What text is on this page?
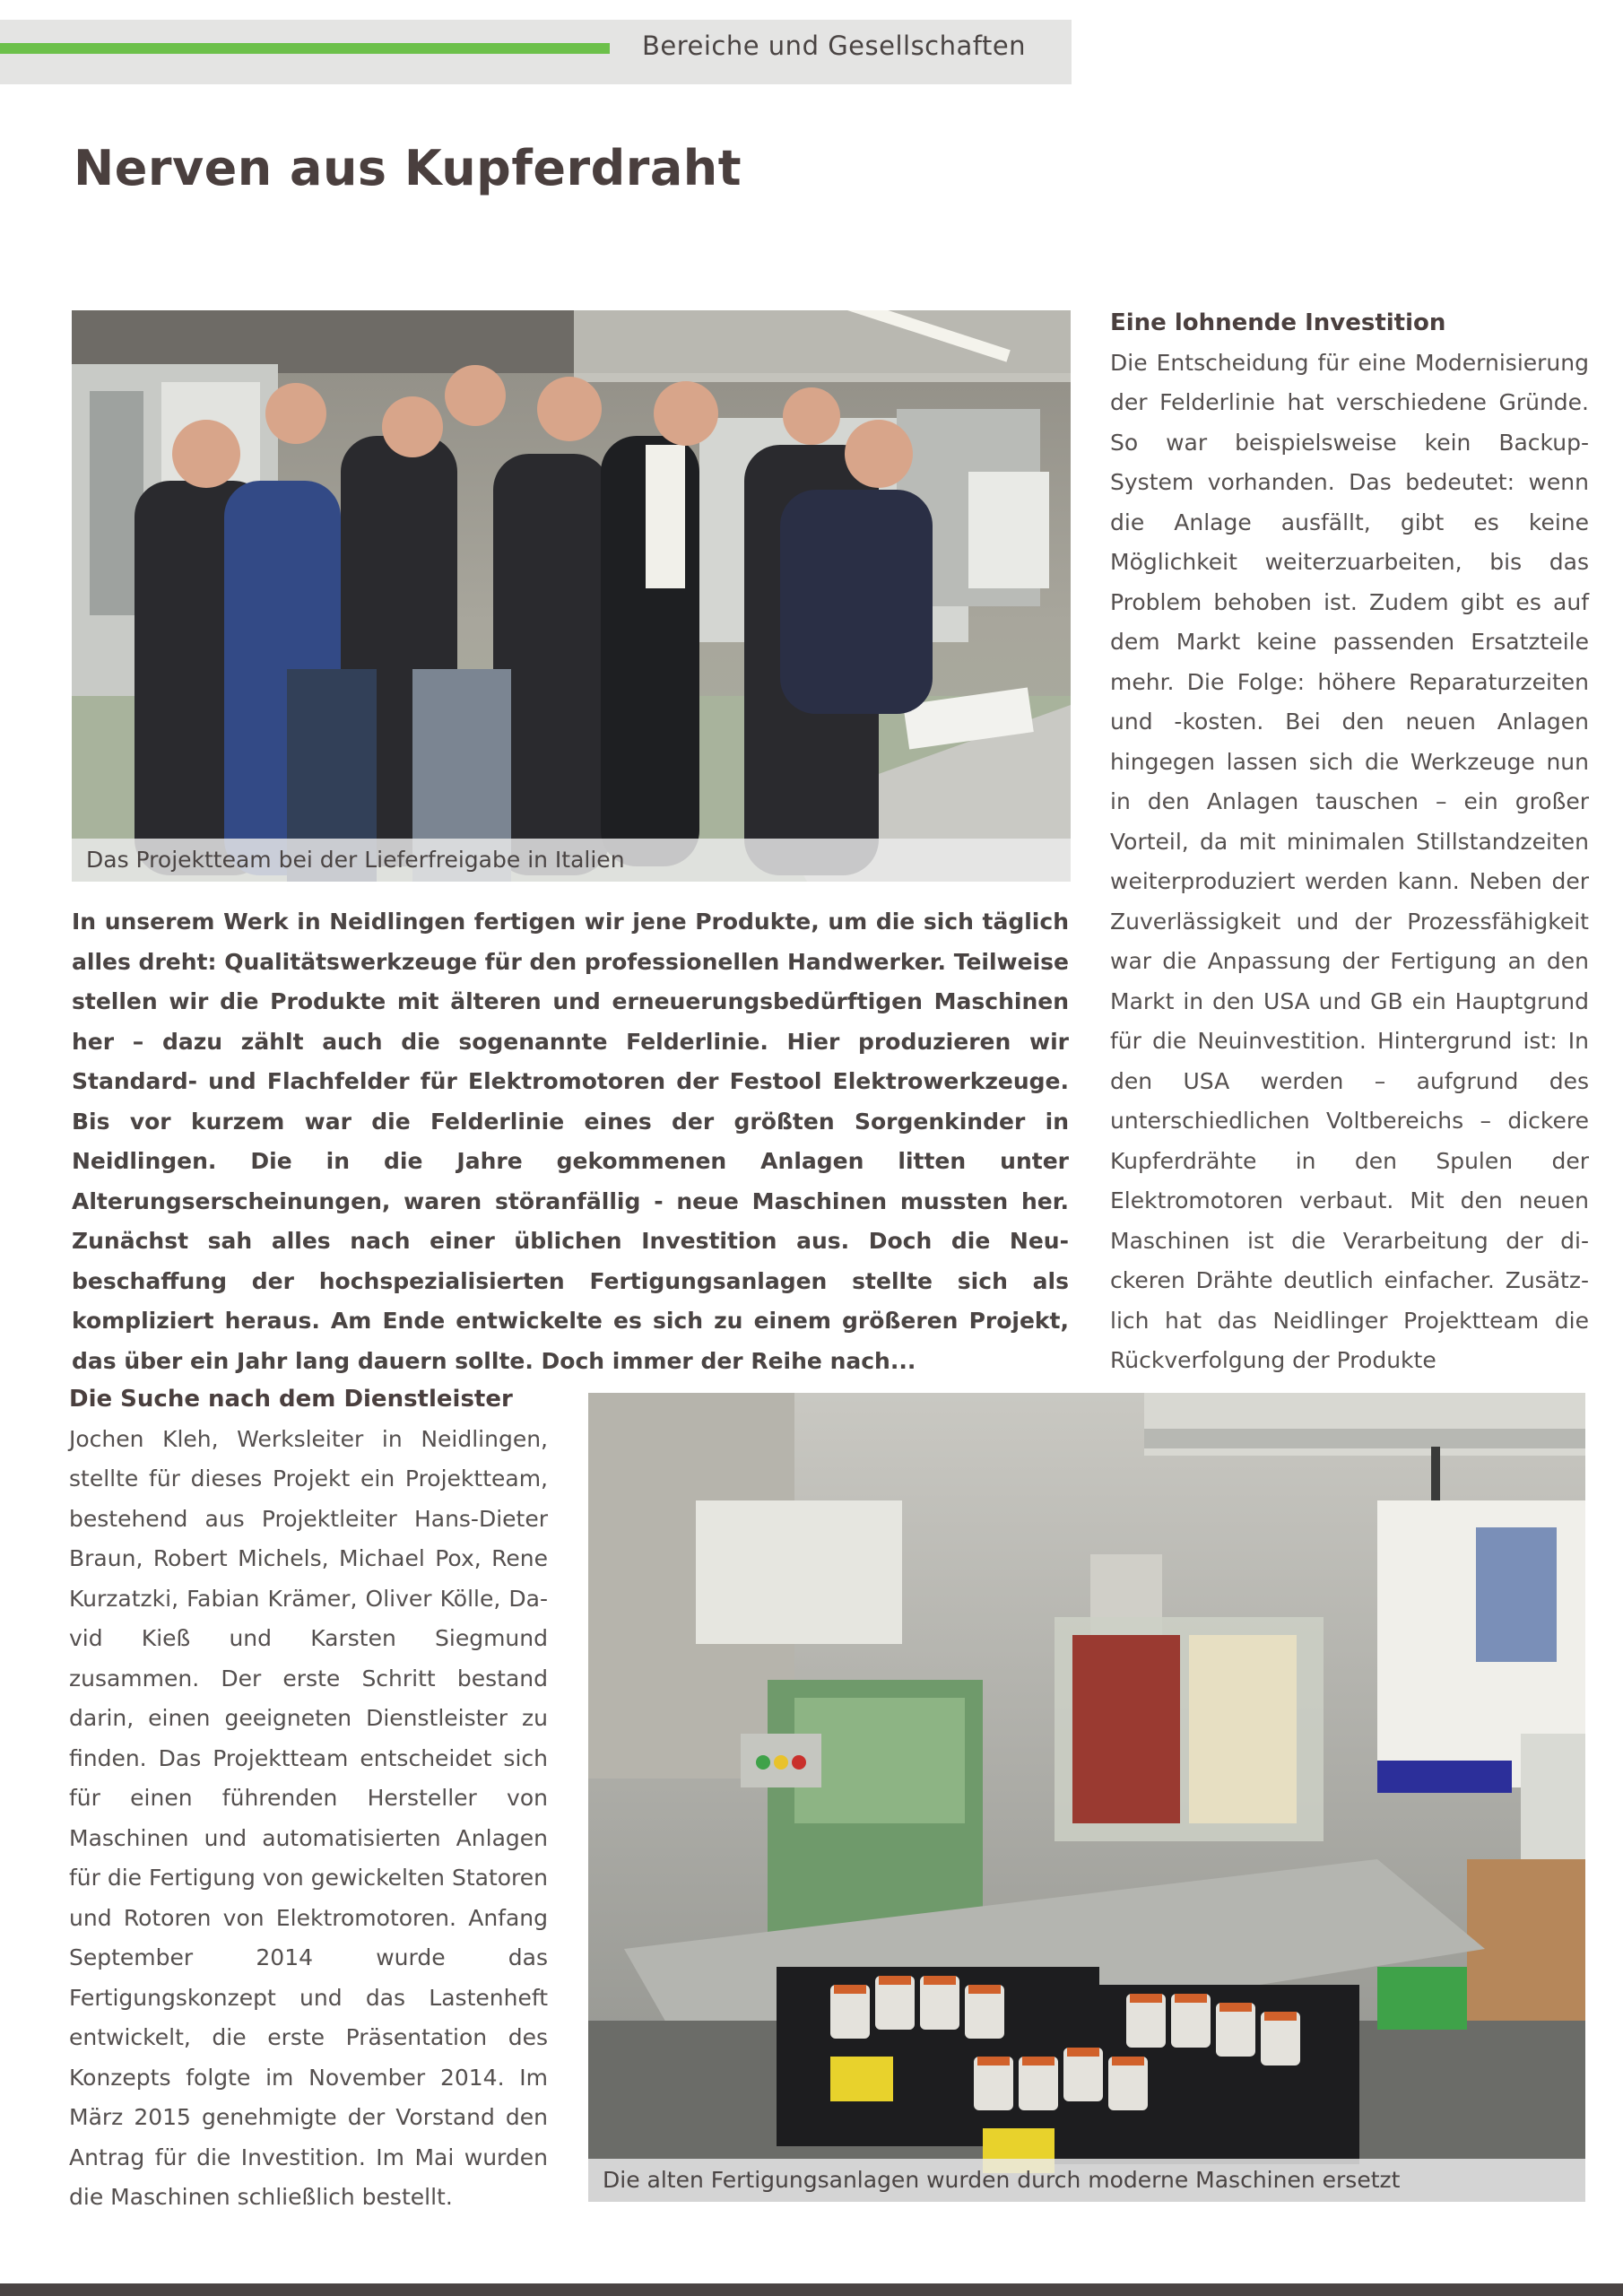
Bereiche und Gesellschaften
Nerven aus Kupferdraht
Das Projektteam bei der Lieferfreigabe in Italien

In unserem Werk in Neidlingen fertigen wir jene Produkte, um die sich täglich alles dreht: Qualitätswerkzeuge für den professionellen Handwerker. Teilweise stellen wir die Produkte mit älteren und erneuerungsbedürftigen Maschinen her – dazu zählt auch die sogenannte Felderlinie. Hier produzieren wir Standard- und Flachfelder für Elektromotoren der Festool Elektrowerkzeuge. Bis vor kurzem war die Felderlinie eines der größten Sorgenkinder in Neidlingen. Die in die Jahre gekommenen Anlagen litten unter Alterungserscheinungen, waren störanfällig - neue Maschinen mussten her. Zunächst sah alles nach einer üblichen Investition aus. Doch die Neubeschaffung der hochspezialisierten Fertigungsanlagen stellte sich als kompliziert heraus. Am Ende entwickelte es sich zu einem größeren Projekt, das über ein Jahr lang dauern sollte. Doch immer der Reihe nach...

Eine lohnende Investition

Die Entscheidung für eine Modernisierung der Felderlinie hat verschiedene Gründe. So war beispielsweise kein Backup-System vorhanden. Das bedeutet: wenn die Anlage ausfällt, gibt es keine Möglichkeit weiterzuarbeiten, bis das Problem behoben ist. Zudem gibt es auf dem Markt keine passenden Ersatzteile mehr. Die Folge: höhere Reparaturzeiten und -kosten. Bei den neuen Anlagen hingegen lassen sich die Werkzeuge nun in den Anlagen tauschen – ein großer Vorteil, da mit minimalen Stillstandzeiten weiterproduziert werden kann. Neben der Zuverlässigkeit und der Prozessfähigkeit war die Anpassung der Fertigung an den Markt in den USA und GB ein Hauptgrund für die Neuinvestition. Hintergrund ist: In den USA werden – aufgrund des unterschiedlichen Voltbereichs – dickere Kupferdrähte in den Spulen der Elektromotoren verbaut. Mit den neuen Maschinen ist die Verarbeitung der dickeren Drähte deutlich einfacher. Zusätzlich hat das Neidlinger Projektteam die Rückverfolgung der Produkte

Die Suche nach dem Dienstleister

Jochen Kleh, Werksleiter in Neidlingen, stellte für dieses Projekt ein Projektteam, bestehend aus Projektleiter Hans-Dieter Braun, Robert Michels, Michael Pox, Rene Kurzatzki, Fabian Krämer, Oliver Kölle, David Kieß und Karsten Siegmund zusammen. Der erste Schritt bestand darin, einen geeigneten Dienstleister zu finden. Das Projektteam entscheidet sich für einen führenden Hersteller von Maschinen und automatisierten Anlagen für die Fertigung von gewickelten Statoren und Rotoren von Elektromotoren. Anfang September 2014 wurde das Fertigungskonzept und das Lastenheft entwickelt, die erste Präsentation des Konzepts folgte im November 2014. Im März 2015 genehmigte der Vorstand den Antrag für die Investition. Im Mai wurden die Maschinen schließlich bestellt.

Die alten Fertigungsanlagen wurden durch moderne Maschinen ersetzt
